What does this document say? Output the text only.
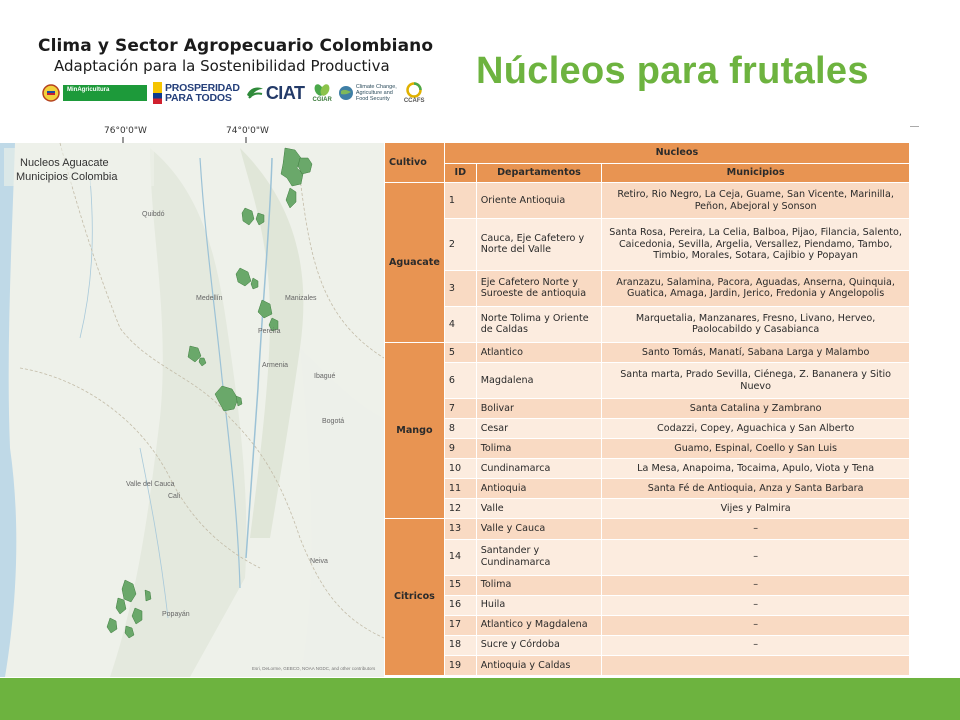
Clima y Sector Agropecuario Colombiano
Adaptación para la Sostenibilidad Productiva
MinAgricultura	PROSPERIDAD
PARA TODOS	CIAT CGIAR
Climate Change, Agriculture and Food Security	CCAFS
Núcleos para frutales
76°0'0"W	74°0'0"W
Nucleos Aguacate
Municipios Colombia
Quibdó
Medellín	Manizales
Pereira
Armenia
Ibagué
Bogotá
Valle del Cauca
Cali
Neiva
Popayán
Esri, DeLorme, GEBCO, NOAA NGDC, and other contributors
Cultivo	Nucleos		
	ID	Departamentos	Municipios
Aguacate	1	Oriente Antioquia	Retiro, Rio Negro, La Ceja, Guame, San Vicente, Marinilla, Peñon, Abejoral y Sonson
	2	Cauca, Eje Cafetero y Norte del Valle	Santa Rosa, Pereira, La Celia, Balboa, Pijao, Filancia, Salento, Caicedonia, Sevilla, Argelia, Versallez, Piendamo, Tambo, Timbio, Morales, Sotara, Cajibio y Popayan
	3	Eje Cafetero Norte y Suroeste de antioquia	Aranzazu, Salamina, Pacora, Aguadas, Anserna, Quinquia, Guatica, Amaga, Jardin, Jerico, Fredonia y Angelopolis
	4	Norte Tolima y Oriente de Caldas	Marquetalia, Manzanares, Fresno, Livano, Herveo, Paolocabildo y Casabianca
Mango	5	Atlantico	Santo Tomás, Manatí, Sabana Larga y Malambo
	6	Magdalena	Santa marta, Prado Sevilla, Ciénega, Z. Bananera y Sitio Nuevo
	7	Bolivar	Santa Catalina y Zambrano
	8	Cesar	Codazzi, Copey, Aguachica y San Alberto
	9	Tolima	Guamo, Espinal, Coello y San Luis
	10	Cundinamarca	La Mesa, Anapoima, Tocaima, Apulo, Viota y Tena
	11	Antioquia	Santa Fé de Antioquia, Anza y Santa Barbara
	12	Valle	Vijes y Palmira
Citricos	13	Valle y Cauca	–
	14	Santander y Cundinamarca	–
	15	Tolima	–
	16	Huila	–
	17	Atlantico y Magdalena	–
	18	Sucre y Córdoba	–
	19	Antioquia y Caldas	
